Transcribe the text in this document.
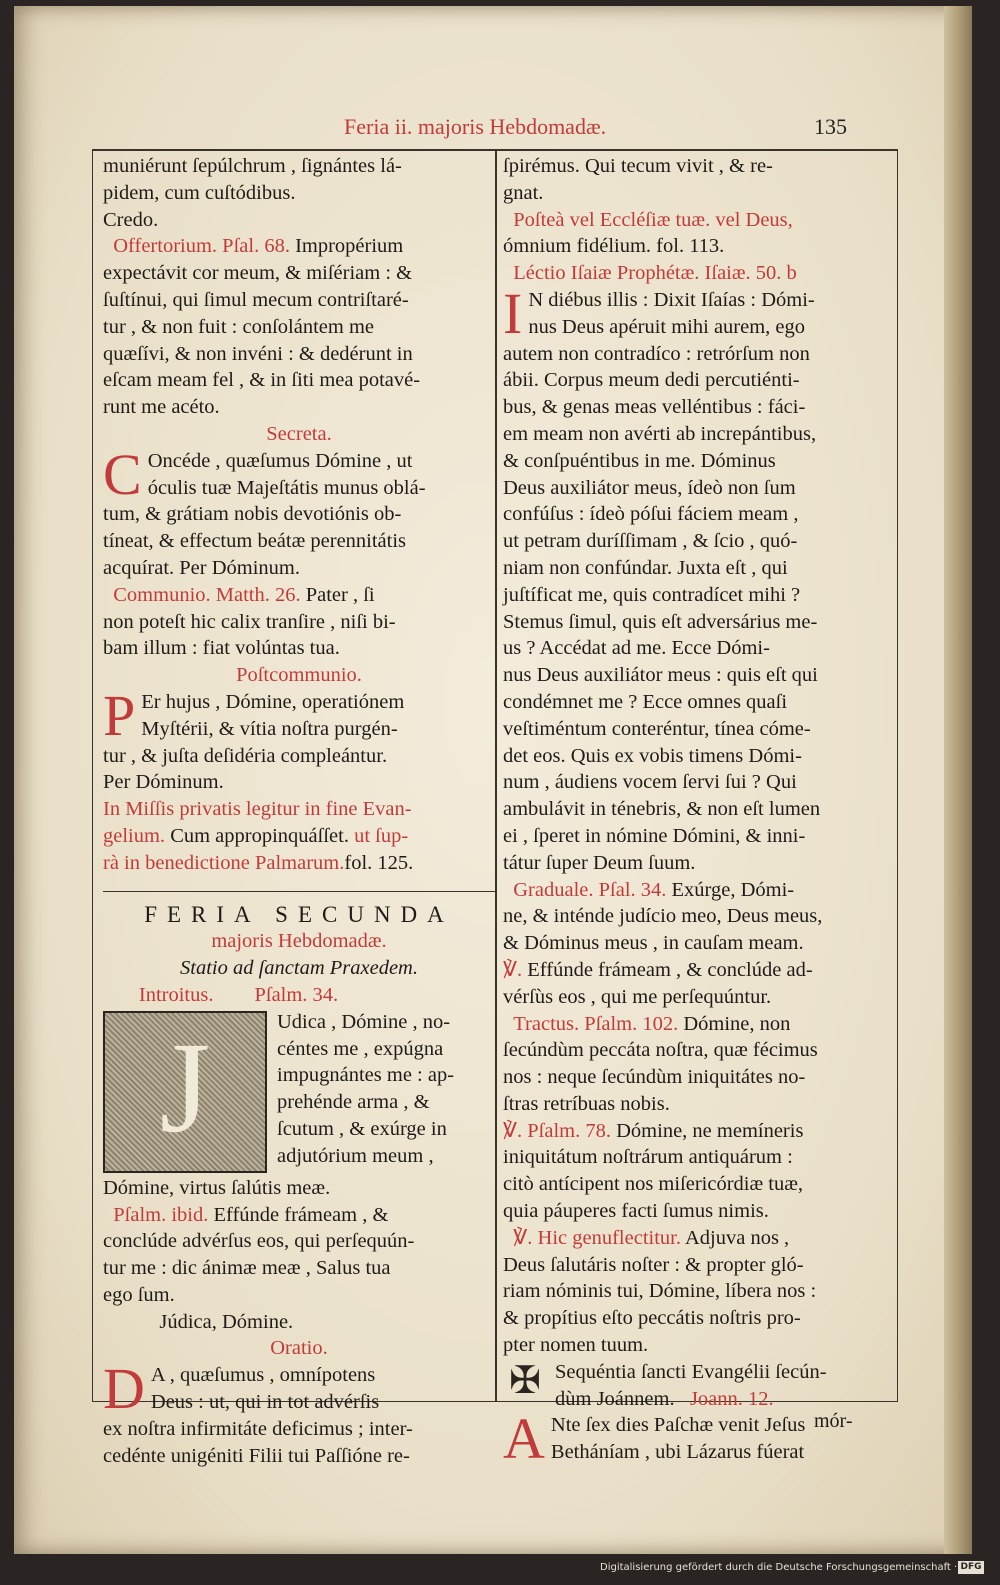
Feria ii. majoris Hebdomadæ.	135
muniérunt ſepúlchrum , ſignántes lá-
pidem, cum cuſtódibus.
Credo.
Offertorium. Pſal. 68. Impropérium
expectávit cor meum, & miſériam : &
ſuſtínui, qui ſimul mecum contriſtaré-
tur , & non fuit : conſolántem me
quæſívi, & non invéni : & dedérunt in
eſcam meam fel , & in ſiti mea potavé-
runt me acéto.
Secreta.
C Oncéde , quæſumus Dómine , ut
óculis tuæ Majeſtátis munus oblá-
tum, & grátiam nobis devotiónis ob-
tíneat, & effectum beátæ perennitátis
acquírat. Per Dóminum.
Communio. Matth. 26. Pater , ſi
non poteſt hic calix tranſire , niſi bi-
bam illum : fiat volúntas tua.
Poſtcommunio.
P Er hujus , Dómine, operatiónem
Myſtérii, & vítia noſtra purgén-
tur , & juſta deſidéria compleántur.
Per Dóminum.
In Miſſis privatis legitur in fine Evan-
gelium. Cum appropinquáſſet. ut ſup-
rà in benedictione Palmarum.fol. 125.
FERIA SECUNDA
majoris Hebdomadæ.
Statio ad ſanctam Praxedem.
Introitus. Pſalm. 34.
J	Udica , Dómine , no-
céntes me , expúgna
impugnántes me : ap-
prehénde arma , &
ſcutum , & exúrge in
adjutórium meum ,
Dómine, virtus ſalútis meæ.
Pſalm. ibid. Effúnde frámeam , &
conclúde advérſus eos, qui perſequún-
tur me : dic ánimæ meæ , Salus tua
ego ſum.
Júdica, Dómine.
Oratio.
D A , quæſumus , omnípotens
Deus : ut, qui in tot advérſis
ex noſtra infirmitáte deficimus ; inter-
cedénte unigéniti Filii tui Paſſióne re-
ſpirémus. Qui tecum vivit , & re-
gnat.
Poſteà vel Eccléſiæ tuæ. vel Deus,
ómnium fidélium. fol. 113.
Léctio Iſaiæ Prophétæ. Iſaiæ. 50. b
I N diébus illis : Dixit Iſaías : Dómi-
nus Deus apéruit mihi aurem, ego
autem non contradíco : retrórſum non
ábii. Corpus meum dedi percutiénti-
bus, & genas meas velléntibus : fáci-
em meam non avérti ab increpántibus,
& conſpuéntibus in me. Dóminus
Deus auxiliátor meus, ídeò non ſum
confúſus : ídeò póſui fáciem meam ,
ut petram duríſſimam , & ſcio , quó-
niam non confúndar. Juxta eſt , qui
juſtíficat me, quis contradícet mihi ?
Stemus ſimul, quis eſt adversárius me-
us ? Accédat ad me. Ecce Dómi-
nus Deus auxiliátor meus : quis eſt qui
condémnet me ? Ecce omnes quaſi
veſtiméntum conteréntur, tínea cóme-
det eos. Quis ex vobis timens Dómi-
num , áudiens vocem ſervi ſui ? Qui
ambulávit in ténebris, & non eſt lumen
ei , ſperet in nómine Dómini, & inni-
tátur ſuper Deum ſuum.
Graduale. Pſal. 34. Exúrge, Dómi-
ne, & inténde judício meo, Deus meus,
& Dóminus meus , in cauſam meam.
℣. Effúnde frámeam , & conclúde ad-
vérſùs eos , qui me perſequúntur.
Tractus. Pſalm. 102. Dómine, non
ſecúndùm peccáta noſtra, quæ fécimus
nos : neque ſecúndùm iniquitátes no-
ſtras retríbuas nobis.
℣. Pſalm. 78. Dómine, ne memíneris
iniquitátum noſtrárum antiquárum :
citò antícipent nos miſericórdiæ tuæ,
quia páuperes facti ſumus nimis.
℣. Hic genuflectitur. Adjuva nos ,
Deus ſalutáris noſter : & propter gló-
riam nóminis tui, Dómine, líbera nos :
& propítius eſto peccátis noſtris pro-
pter nomen tuum.
✠ Sequéntia ſancti Evangélii ſecún-
dùm Joánnem. Joann. 12.
A Nte ſex dies Paſchæ venit Jeſus
Betháníam , ubi Lázarus fúerat
mór-
Digitalisierung gefördert durch die Deutsche Forschungsgemeinschaft · DFG
